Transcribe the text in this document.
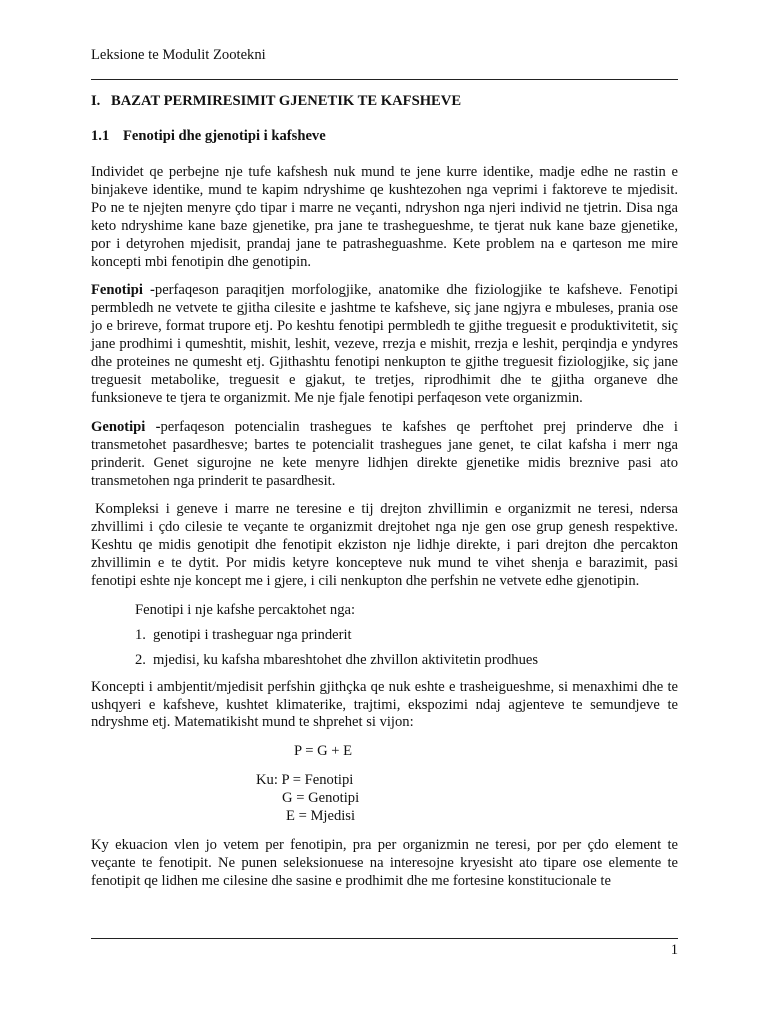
Leksione te Modulit Zootekni
I. BAZAT PERMIRESIMIT GJENETIK TE KAFSHEVE
1.1 Fenotipi dhe gjenotipi i kafsheve

Individet qe perbejne nje tufe kafshesh nuk mund te jene kurre identike, madje edhe ne rastin e binjakeve identike, mund te kapim ndryshime qe kushtezohen nga veprimi i faktoreve te mjedisit. Po ne te njejten menyre çdo tipar i marre ne veçanti, ndryshon nga njeri individ ne tjetrin. Disa nga keto ndryshime kane baze gjenetike, pra jane te trashegueshme, te tjerat nuk kane baze gjenetike, por i detyrohen mjedisit, prandaj jane te patrasheguashme. Kete problem na e qarteson me mire koncepti mbi fenotipin dhe genotipin.

Fenotipi -perfaqeson paraqitjen morfologjike, anatomike dhe fiziologjike te kafsheve. Fenotipi permbledh ne vetvete te gjitha cilesite e jashtme te kafsheve, siç jane ngjyra e mbuleses, prania ose jo e brireve, format trupore etj. Po keshtu fenotipi permbledh te gjithe treguesit e produktivitetit, siç jane prodhimi i qumeshtit, mishit, leshit, vezeve, rrezja e mishit, rrezja e leshit, perqindja e yndyres dhe proteines ne qumesht etj. Gjithashtu fenotipi nenkupton te gjithe treguesit fiziologjike, siç jane treguesit metabolike, treguesit e gjakut, te tretjes, riprodhimit dhe te gjitha organeve dhe funksioneve te tjera te organizmit. Me nje fjale fenotipi perfaqeson vete organizmin.

Genotipi -perfaqeson potencialin trashegues te kafshes qe perftohet prej prinderve dhe i transmetohet pasardhesve; bartes te potencialit trashegues jane genet, te cilat kafsha i merr nga prinderit. Genet sigurojne ne kete menyre lidhjen direkte gjenetike midis breznive pasi ato transmetohen nga prinderit te pasardhesit.

Kompleksi i geneve i marre ne teresine e tij drejton zhvillimin e organizmit ne teresi, ndersa zhvillimi i çdo cilesie te veçante te organizmit drejtohet nga nje gen ose grup genesh respektive. Keshtu qe midis genotipit dhe fenotipit ekziston nje lidhje direkte, i pari drejton dhe percakton zhvillimin e te dytit. Por midis ketyre koncepteve nuk mund te vihet shenja e barazimit, pasi fenotipi eshte nje koncept me i gjere, i cili nenkupton dhe perfshin ne vetvete edhe gjenotipin.

Fenotipi i nje kafshe percaktohet nga:

1. genotipi i trasheguar nga prinderit
2. mjedisi, ku kafsha mbareshtohet dhe zhvillon aktivitetin prodhues

Koncepti i ambjentit/mjedisit perfshin gjithçka qe nuk eshte e trasheigueshme, si menaxhimi dhe te ushqyeri e kafsheve, kushtet klimaterike, trajtimi, ekspozimi ndaj agjenteve te semundjeve te ndryshme etj. Matematikisht mund te shprehet si vijon:

P = G + E
Ku: P = Fenotipi
G = Genotipi
E = Mjedisi

Ky ekuacion vlen jo vetem per fenotipin, pra per organizmin ne teresi, por per çdo element te veçante te fenotipit. Ne punen seleksionuese na interesojne kryesisht ato tipare ose elemente te fenotipit qe lidhen me cilesine dhe sasine e prodhimit dhe me fortesine konstitucionale te

1
